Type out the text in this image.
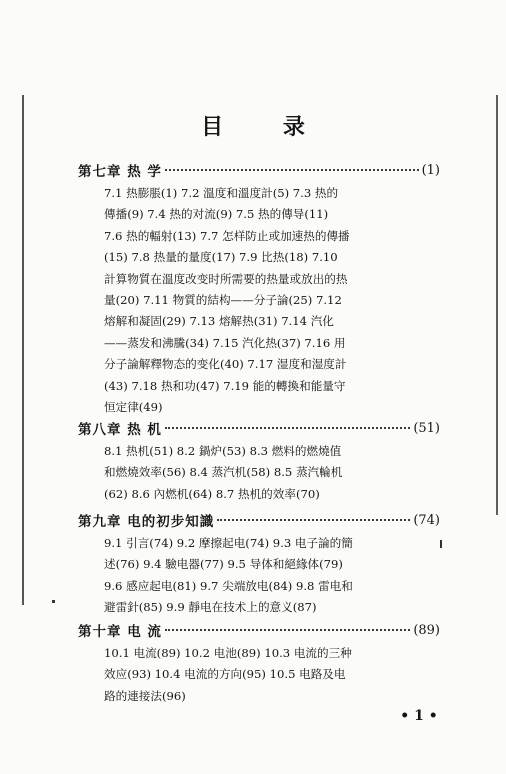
目 录
第七章 热 学	(1)
7.1 热膨脹(1) 7.2 溫度和溫度計(5) 7.3 热的
傳播(9) 7.4 热的对流(9) 7.5 热的傳导(11)
7.6 热的輻射(13) 7.7 怎样防止或加速热的傳播
(15) 7.8 热量的量度(17) 7.9 比热(18) 7.10
計算物質在溫度改变时所需要的热量或放出的热
量(20) 7.11 物質的結构——分子論(25) 7.12
熔解和凝固(29) 7.13 熔解热(31) 7.14 汽化
——蒸发和沸騰(34) 7.15 汽化热(37) 7.16 用
分子論解釋物态的变化(40) 7.17 湿度和湿度計
(43) 7.18 热和功(47) 7.19 能的轉換和能量守
恒定律(49)
第八章 热 机	(51)
8.1 热机(51) 8.2 鍋炉(53) 8.3 燃料的燃燒值
和燃燒效率(56) 8.4 蒸汽机(58) 8.5 蒸汽輪机
(62) 8.6 內燃机(64) 8.7 热机的效率(70)
第九章 电的初步知識	(74)
9.1 引言(74) 9.2 摩擦起电(74) 9.3 电子論的簡
述(76) 9.4 驗电器(77) 9.5 导体和絕緣体(79)
9.6 感应起电(81) 9.7 尖端放电(84) 9.8 雷电和
避雷針(85) 9.9 靜电在技术上的意义(87)
第十章 电 流	(89)
10.1 电流(89) 10.2 电池(89) 10.3 电流的三种
效应(93) 10.4 电流的方向(95) 10.5 电路及电
路的連接法(96)
• 1 •
